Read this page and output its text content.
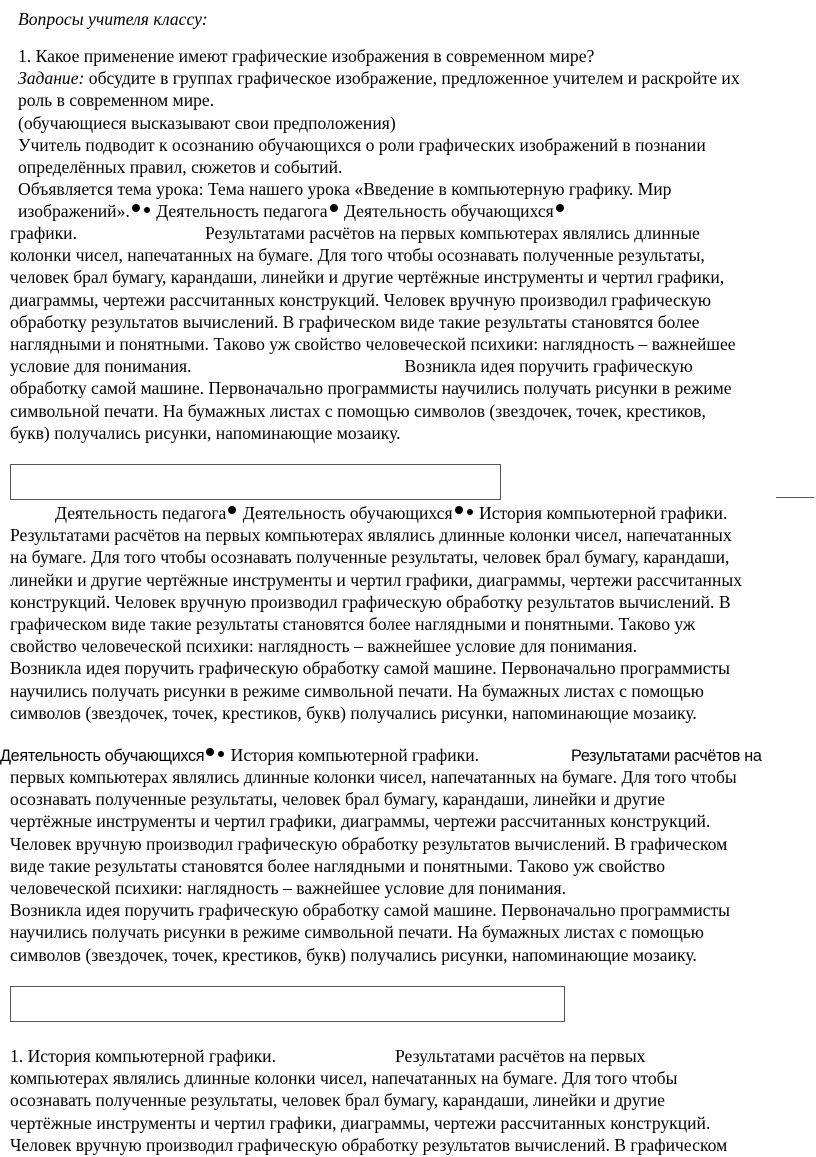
Вопросы учителя классу:
1. Какое применение имеют графические изображения в современном мире?
Задание: обсудите в группах графическое изображение, предложенное учителем и раскройте их
роль в современном мире.
(обучающиеся высказывают свои предположения)
Учитель подводит к осознанию обучающихся о роли графических изображений в познании
определённых правил, сюжетов и событий.
Объявляется тема урока: Тема нашего урока «Введение в компьютерную графику. Мир
изображений». Деятельность педагога Деятельность обучающихся
графики.	Результатами расчётов на первых компьютерах являлись длинные
колонки чисел, напечатанных на бумаге. Для того чтобы осознавать полученные результаты,
человек брал бумагу, карандаши, линейки и другие чертёжные инструменты и чертил графики,
диаграммы, чертежи рассчитанных конструкций. Человек вручную производил графическую
обработку результатов вычислений. В графическом виде такие результаты становятся более
наглядными и понятными. Таково уж свойство человеческой психики: наглядность – важнейшее
условие для понимания.	Возникла идея поручить графическую
обработку самой машине. Первоначально программисты научились получать рисунки в режиме
символьной печати. На бумажных листах с помощью символов (звездочек, точек, крестиков,
букв) получались рисунки, напоминающие мозаику.
Деятельность педагога Деятельность обучающихся История компьютерной графики.
Результатами расчётов на первых компьютерах являлись длинные колонки чисел, напечатанных
на бумаге. Для того чтобы осознавать полученные результаты, человек брал бумагу, карандаши,
линейки и другие чертёжные инструменты и чертил графики, диаграммы, чертежи рассчитанных
конструкций. Человек вручную производил графическую обработку результатов вычислений. В
графическом виде такие результаты становятся более наглядными и понятными. Таково уж
свойство человеческой психики: наглядность – важнейшее условие для понимания.
Возникла идея поручить графическую обработку самой машине. Первоначально программисты
научились получать рисунки в режиме символьной печати. На бумажных листах с помощью
символов (звездочек, точек, крестиков, букв) получались рисунки, напоминающие мозаику.
Деятельность обучающихся История компьютерной графики.	Результатами расчётов на
первых компьютерах являлись длинные колонки чисел, напечатанных на бумаге. Для того чтобы
осознавать полученные результаты, человек брал бумагу, карандаши, линейки и другие
чертёжные инструменты и чертил графики, диаграммы, чертежи рассчитанных конструкций.
Человек вручную производил графическую обработку результатов вычислений. В графическом
виде такие результаты становятся более наглядными и понятными. Таково уж свойство
человеческой психики: наглядность – важнейшее условие для понимания.
Возникла идея поручить графическую обработку самой машине. Первоначально программисты
научились получать рисунки в режиме символьной печати. На бумажных листах с помощью
символов (звездочек, точек, крестиков, букв) получались рисунки, напоминающие мозаику.
1. История компьютерной графики.	Результатами расчётов на первых
компьютерах являлись длинные колонки чисел, напечатанных на бумаге. Для того чтобы
осознавать полученные результаты, человек брал бумагу, карандаши, линейки и другие
чертёжные инструменты и чертил графики, диаграммы, чертежи рассчитанных конструкций.
Человек вручную производил графическую обработку результатов вычислений. В графическом
